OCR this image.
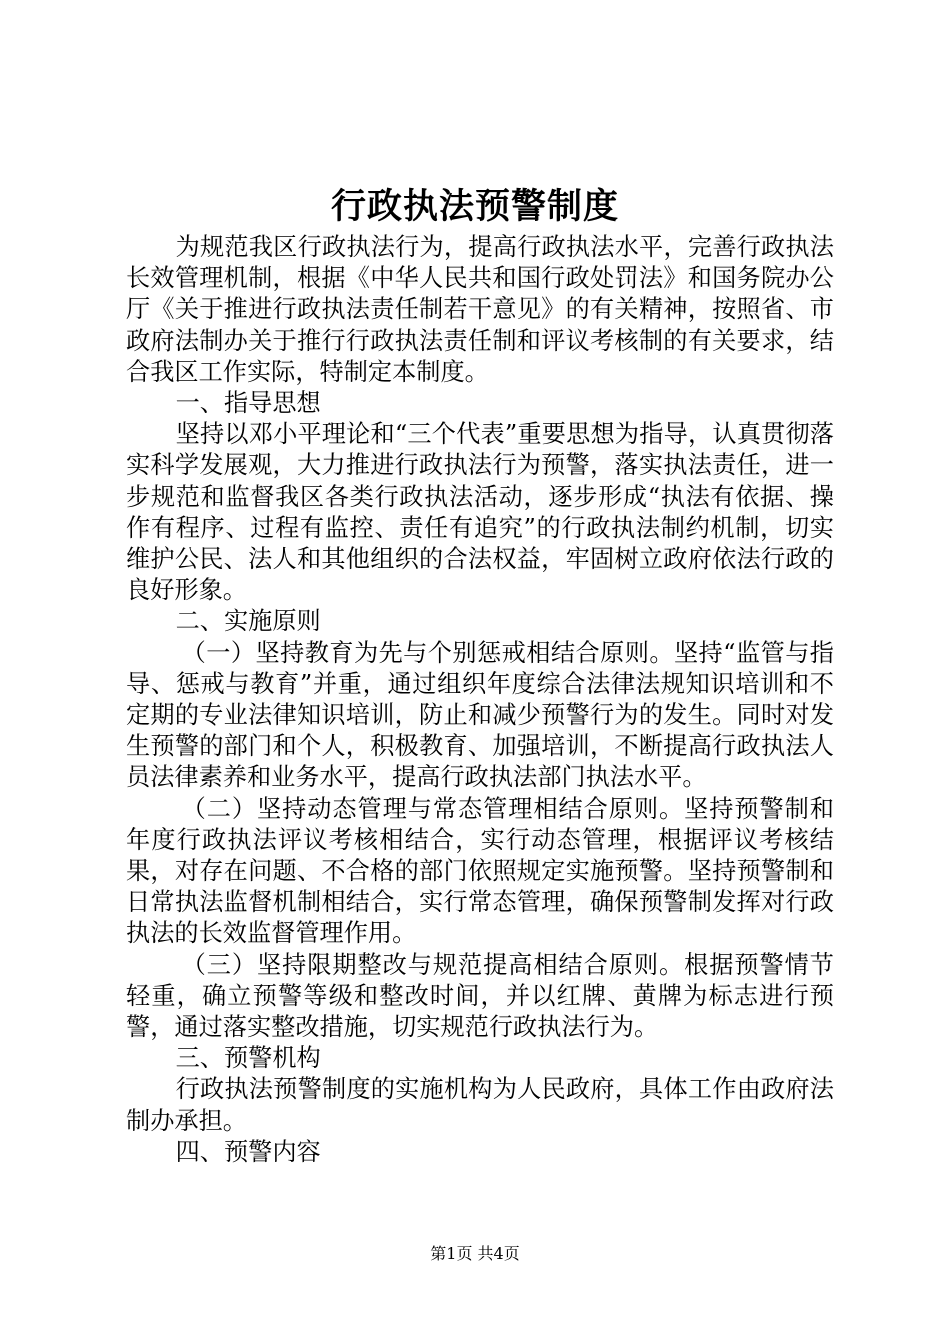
行政执法预警制度

为规范我区行政执法行为，提高行政执法水平，完善行政执法长效管理机制，根据《中华人民共和国行政处罚法》和国务院办公厅《关于推进行政执法责任制若干意见》的有关精神，按照省、市政府法制办关于推行行政执法责任制和评议考核制的有关要求，结合我区工作实际，特制定本制度。

一、指导思想

坚持以邓小平理论和“三个代表”重要思想为指导，认真贯彻落实科学发展观，大力推进行政执法行为预警，落实执法责任，进一步规范和监督我区各类行政执法活动，逐步形成“执法有依据、操作有程序、过程有监控、责任有追究”的行政执法制约机制，切实维护公民、法人和其他组织的合法权益，牢固树立政府依法行政的良好形象。

二、实施原则

（一）坚持教育为先与个别惩戒相结合原则。坚持“监管与指导、惩戒与教育”并重，通过组织年度综合法律法规知识培训和不定期的专业法律知识培训，防止和减少预警行为的发生。同时对发生预警的部门和个人，积极教育、加强培训，不断提高行政执法人员法律素养和业务水平，提高行政执法部门执法水平。

（二）坚持动态管理与常态管理相结合原则。坚持预警制和年度行政执法评议考核相结合，实行动态管理，根据评议考核结果，对存在问题、不合格的部门依照规定实施预警。坚持预警制和日常执法监督机制相结合，实行常态管理，确保预警制发挥对行政执法的长效监督管理作用。

（三）坚持限期整改与规范提高相结合原则。根据预警情节轻重，确立预警等级和整改时间，并以红牌、黄牌为标志进行预警，通过落实整改措施，切实规范行政执法行为。

三、预警机构

行政执法预警制度的实施机构为人民政府，具体工作由政府法制办承担。

四、预警内容

第1页 共4页
